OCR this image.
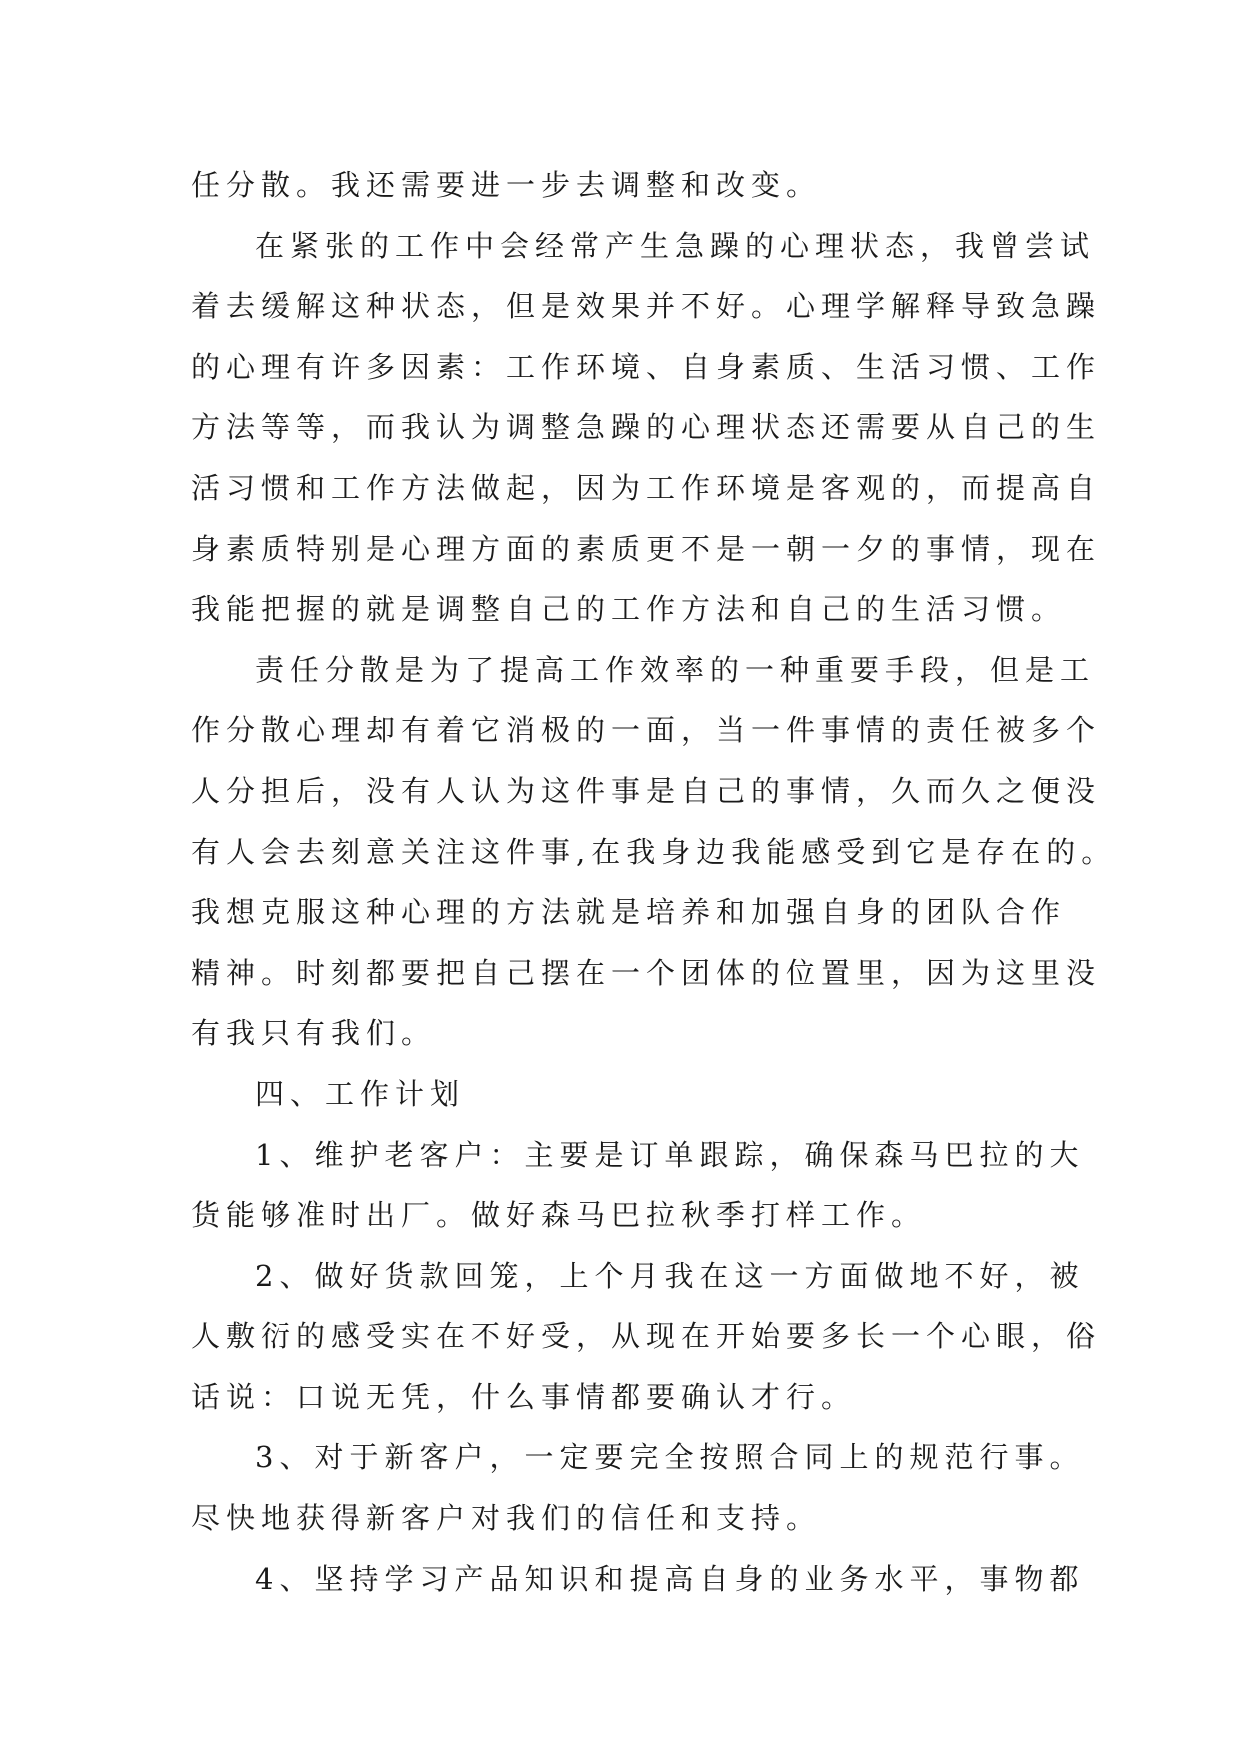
任分散。我还需要进一步去调整和改变。
在紧张的工作中会经常产生急躁的心理状态，我曾尝试
着去缓解这种状态，但是效果并不好。心理学解释导致急躁
的心理有许多因素：工作环境、自身素质、生活习惯、工作
方法等等，而我认为调整急躁的心理状态还需要从自己的生
活习惯和工作方法做起，因为工作环境是客观的，而提高自
身素质特别是心理方面的素质更不是一朝一夕的事情，现在
我能把握的就是调整自己的工作方法和自己的生活习惯。
责任分散是为了提高工作效率的一种重要手段，但是工
作分散心理却有着它消极的一面，当一件事情的责任被多个
人分担后，没有人认为这件事是自己的事情，久而久之便没
有人会去刻意关注这件事,在我身边我能感受到它是存在的。
我想克服这种心理的方法就是培养和加强自身的团队合作
精神。时刻都要把自己摆在一个团体的位置里，因为这里没
有我只有我们。
四、工作计划
1、维护老客户：主要是订单跟踪，确保森马巴拉的大
货能够准时出厂。做好森马巴拉秋季打样工作。
2、做好货款回笼，上个月我在这一方面做地不好，被
人敷衍的感受实在不好受，从现在开始要多长一个心眼，俗
话说：口说无凭，什么事情都要确认才行。
3、对于新客户，一定要完全按照合同上的规范行事。
尽快地获得新客户对我们的信任和支持。
4、坚持学习产品知识和提高自身的业务水平，事物都
